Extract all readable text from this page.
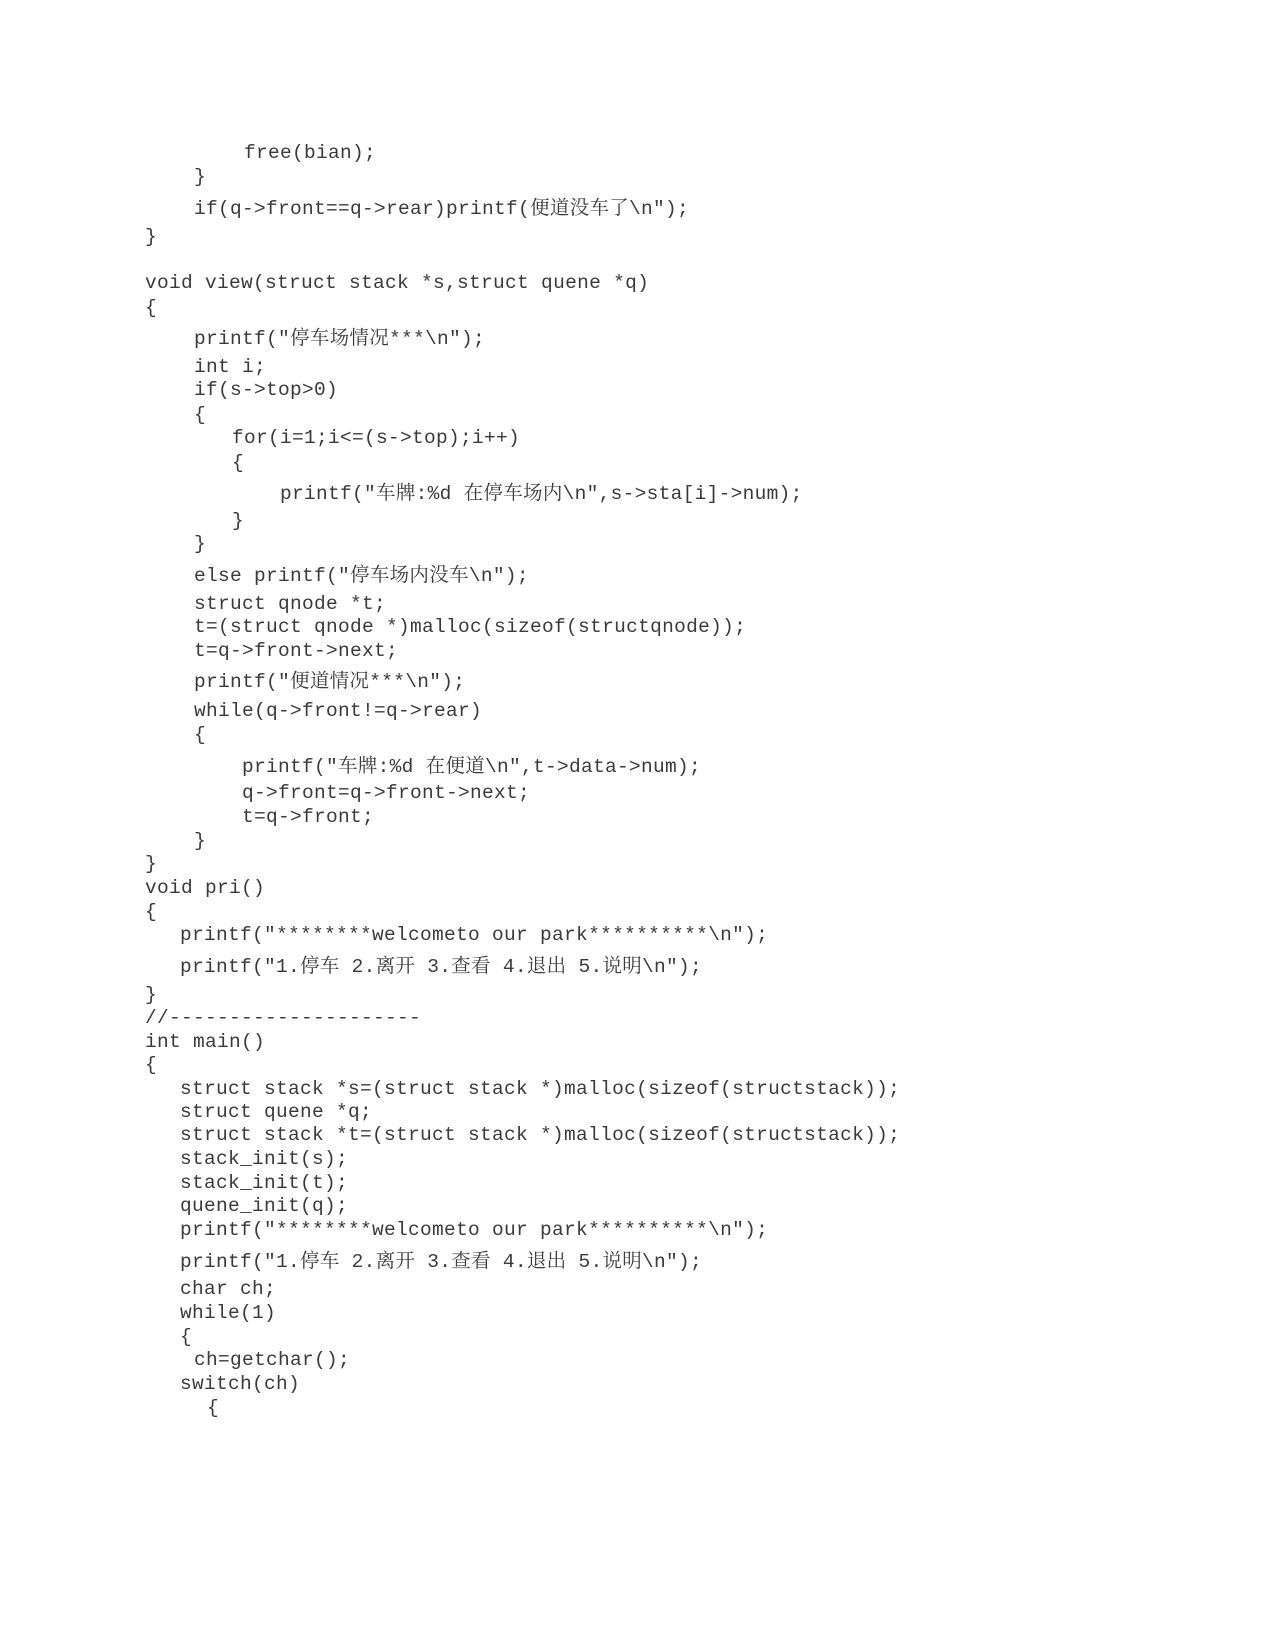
free(bian);
}
if(q->front==q->rear)printf(便道没车了\n");
}
void view(struct stack *s,struct quene *q)
{
printf("停车场情况***\n");
int i;
if(s->top>0)
{
for(i=1;i<=(s->top);i++)
{
printf("车牌:%d 在停车场内\n",s->sta[i]->num);
}
}
else printf("停车场内没车\n");
struct qnode *t;
t=(struct qnode *)malloc(sizeof(structqnode));
t=q->front->next;
printf("便道情况***\n");
while(q->front!=q->rear)
{
printf("车牌:%d 在便道\n",t->data->num);
q->front=q->front->next;
t=q->front;
}
}
void pri()
{
printf("********welcometo our park**********\n");
printf("1.停车 2.离开 3.查看 4.退出 5.说明\n");
}
//---------------------
int main()
{
struct stack *s=(struct stack *)malloc(sizeof(structstack));
struct quene *q;
struct stack *t=(struct stack *)malloc(sizeof(structstack));
stack_init(s);
stack_init(t);
quene_init(q);
printf("********welcometo our park**********\n");
printf("1.停车 2.离开 3.查看 4.退出 5.说明\n");
char ch;
while(1)
{
ch=getchar();
switch(ch)
{
